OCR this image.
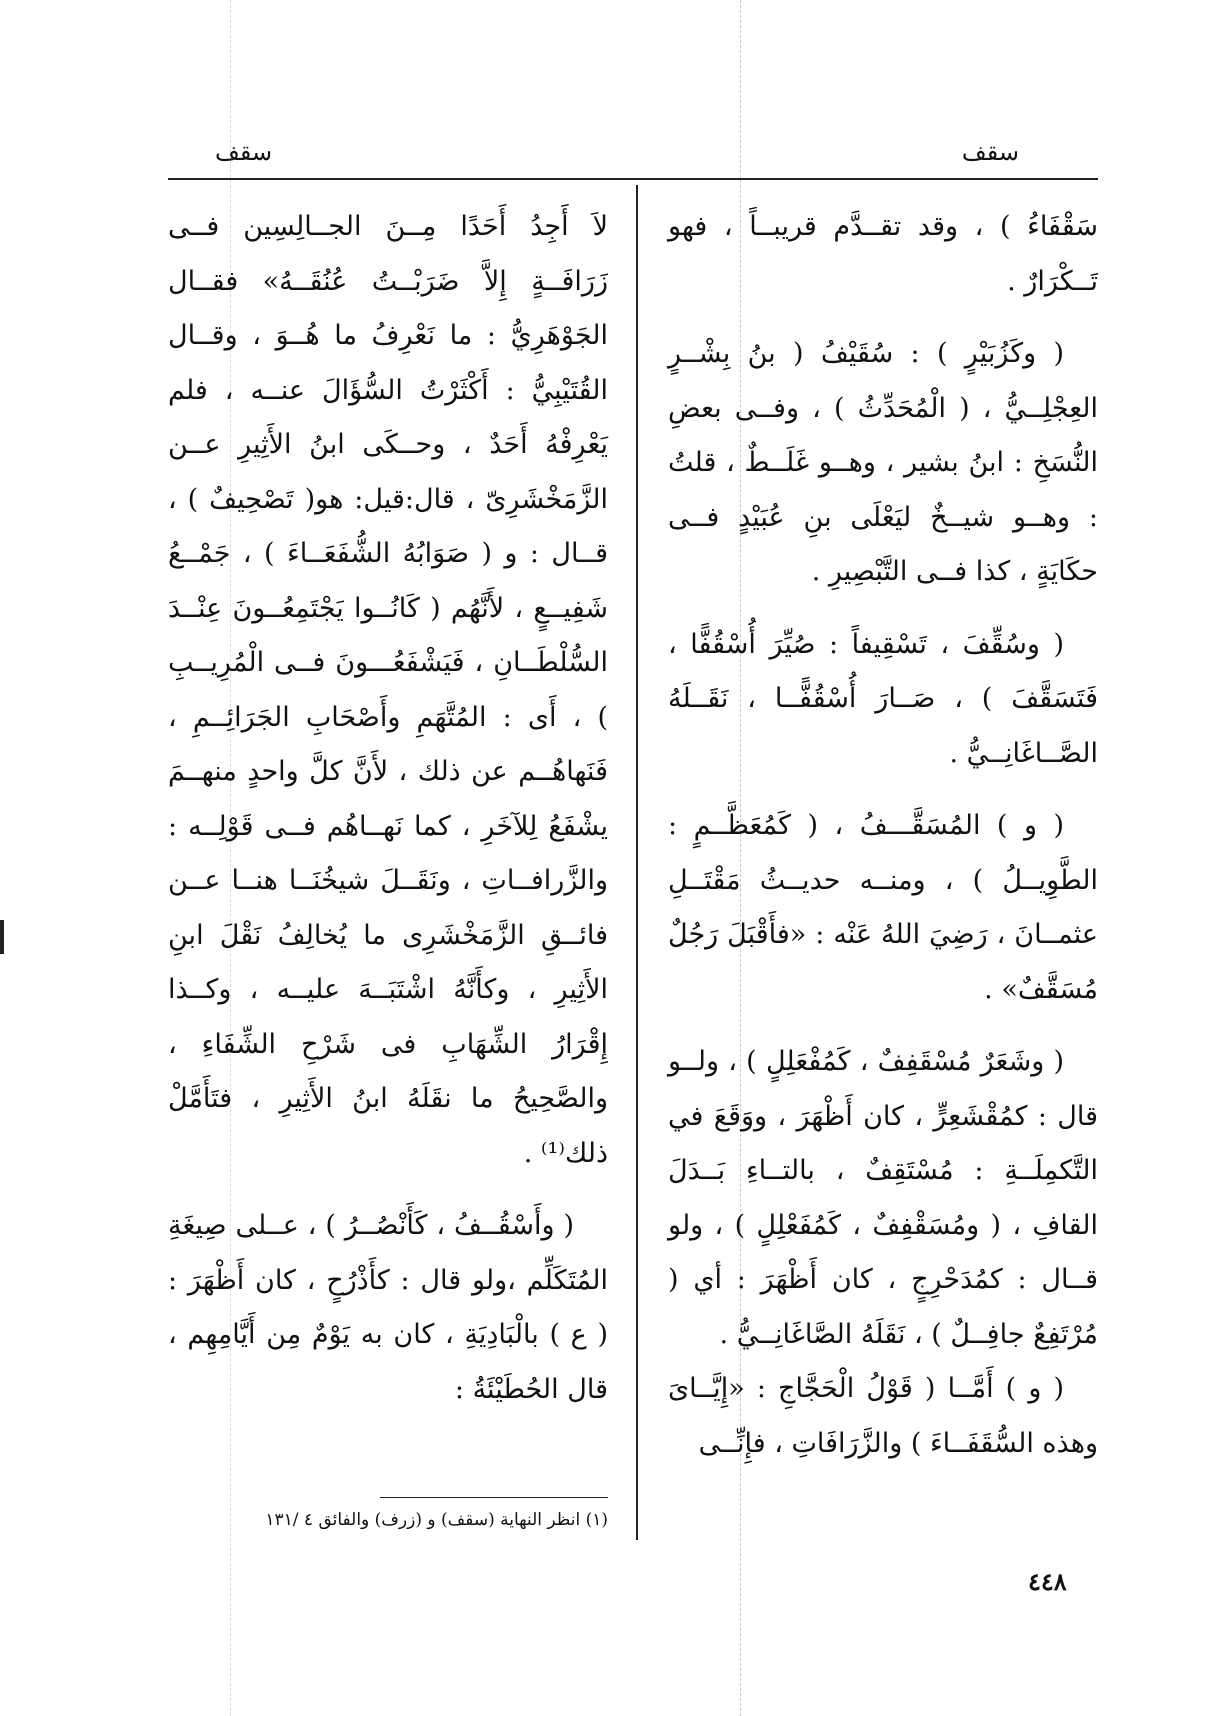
سقف
سقف

سَقْفَاءُ ) ، وقد تقــدَّم قريبــاً ، فهو تَــكْرَارٌ .

( وكَزُبَيْرٍ ) : سُقَيْفُ ( بنُ بِشْــرٍ العِجْلِــيُّ ، ( الْمُحَدِّثُ ) ، وفــى بعضِ النُّسَخِ : ابنُ بشير ، وهــو غَلَــطٌ ، قلتُ : وهــو شيــخٌ ليَعْلَى بنِ عُبَيْدٍ فــى حكَايَةٍ ، كذا فــى التَّبْصِيرِ .

( وسُقِّفَ ، تَسْقِيفاً : صُيِّرَ أُسْقُفًّا ، فَتَسَقَّفَ ) ، صَــارَ أُسْقُفًّــا ، نَقَــلَهُ الصَّــاغَانِــيُّ .

( و ) المُسَقَّـــفُ ، ( كَمُعَظَّــمٍ : الطَّوِيــلُ ) ، ومنــه حديــثُ مَقْتَــلِ عثمــانَ ، رَضِيَ اللهُ عَنْه : «فأَقْبَلَ رَجُلٌ مُسَقَّفٌ» .

( وشَعَرٌ مُسْقَفِفٌ ، كَمُفْعَلِلٍ ) ، ولــو قال : كمُقْشَعِرٍّ ، كان أَظْهَرَ ، ووَقَعَ في التَّكمِلَــةِ : مُسْتَقِفٌ ، بالتــاءِ بَــدَلَ القافِ ، ( ومُسَقْفِفٌ ، كَمُفَعْلِلٍ ) ، ولو قــال : كمُدَحْرِجٍ ، كان أَظْهَرَ : أي ( مُرْتَفِعٌ جافِــلٌ ) ، نَقَلَهُ الصَّاغَانِــيُّ .

( و ) أَمَّــا ( قَوْلُ الْحَجَّاجِ : «إِيَّــاىَ وهذه السُّقَفَــاءَ ) والزَّرَافَاتِ ، فإِنِّــى

لاَ أَجِدُ أَحَدًا مِــنَ الجــالِسِين فــى زَرَافَــةٍ إِلاَّ ضَرَبْــتُ عُنُقَــهُ» فقــال الجَوْهَرِيُّ : ما نَعْرِفُ ما هُــوَ ، وقــال القُتَيْبِيُّ : أَكْثَرْتُ السُّؤَالَ عنــه ، فلم يَعْرِفْهُ أَحَدٌ ، وحــكَى ابنُ الأَثِيرِ عــن الزَّمَخْشَرِىّ ، قال:قيل: هو( تَصْحِيفٌ ) ، قــال : و ( صَوَابُهُ الشُّفَعَــاءَ ) ، جَمْــعُ شَفِيــعٍ ، لأَنَّهُم ( كَانُــوا يَجْتَمِعُــونَ عِنْــدَ السُّلْطَــانِ ، فَيَشْفَعُـــونَ فــى الْمُرِيــبِ ) ، أَى : المُتَّهَمِ وأَصْحَابِ الجَرَائِــمِ ، فَنَهاهُــم عن ذلك ، لأَنَّ كلَّ واحدٍ منهــمَ يشْفَعُ لِلآخَرِ ، كما نَهــاهُم فــى قَوْلِــه : والزَّرافــاتِ ، ونَقَــلَ شيخُنَــا هنــا عــن فائــقِ الزَّمَخْشَرِى ما يُخالِفُ نَقْلَ ابنِ الأَثِيرِ ، وكأَنَّهُ اشْتَبَــهَ عليــه ، وكــذا إِقْرَارُ الشِّهَابِ فى شَرْحِ الشِّفَاءِ ، والصَّحِيحُ ما نقَلَهُ ابنُ الأَثِيرِ ، فتَأَمَّلْ ذلك⁽¹⁾ .

( وأَسْقُــفُ ، كَأَنْصُــرُ ) ، عــلى صِيغَةِ المُتَكَلِّم ،ولو قال : كأَذْرُحٍ ، كان أَظْهَرَ : ( ع ) بالْبَادِيَةِ ، كان به يَوْمٌ مِن أَيَّامِهِم ، قال الحُطَيْئَةُ :

(١) انظر النهاية (سقف) و (زرف) والفائق ٤ /١٣١
٤٤٨
